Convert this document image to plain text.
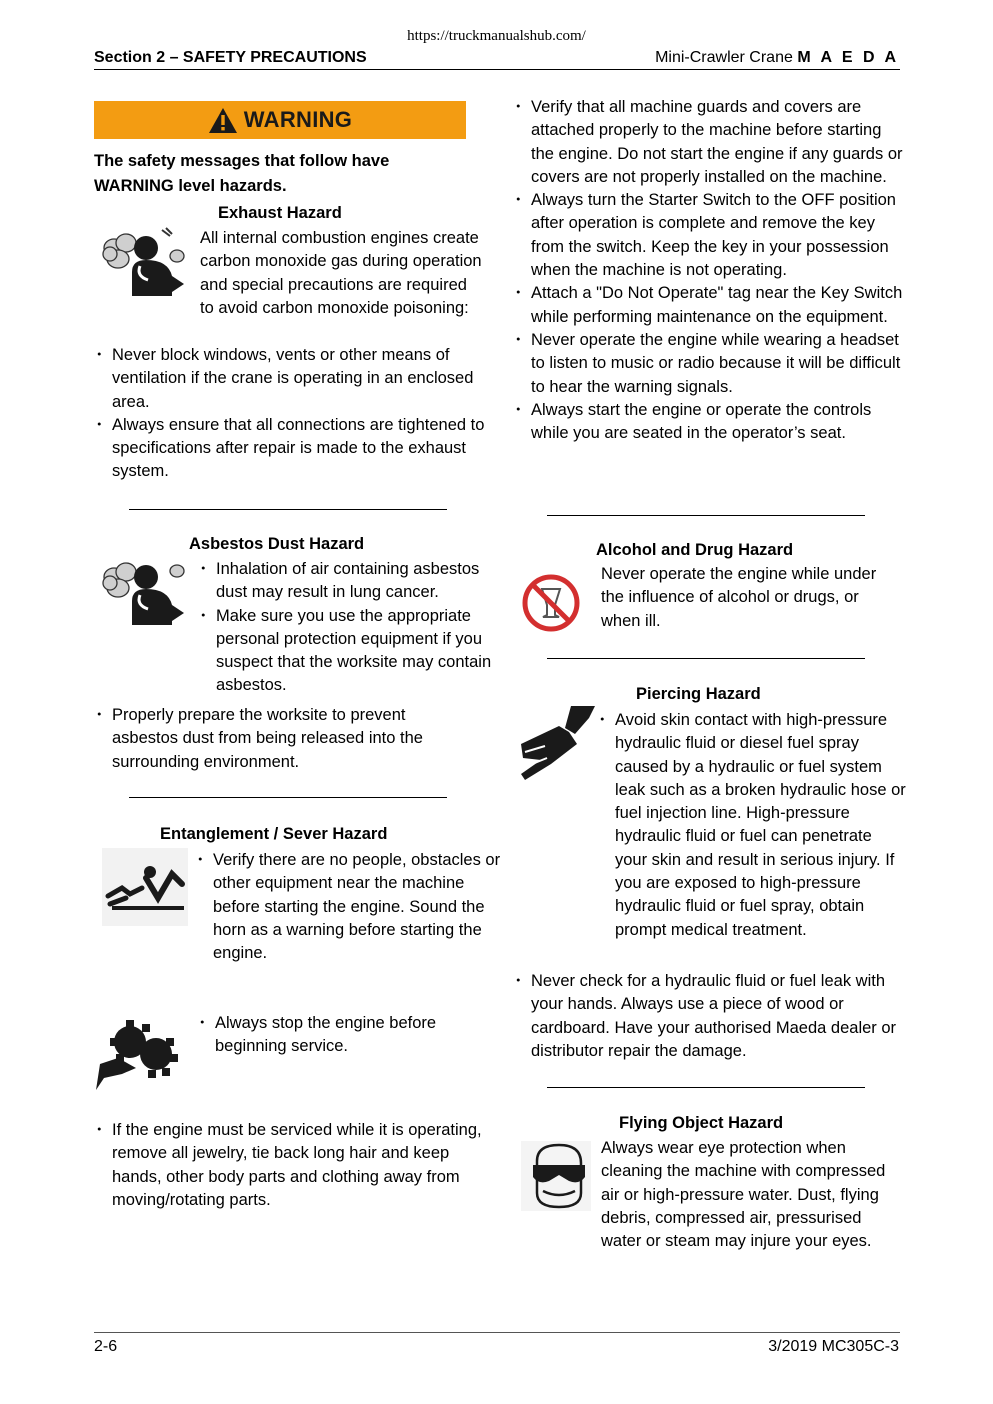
https://truckmanualshub.com/
Section 2 – SAFETY PRECAUTIONS	Mini-Crawler Crane M A E D A
WARNING
The safety messages that follow have WARNING level hazards.
Exhaust Hazard
All internal combustion engines create carbon monoxide gas during operation and special precautions are required to avoid carbon monoxide poisoning:
・ Never block windows, vents or other means of ventilation if the crane is operating in an enclosed area.
・ Always ensure that all connections are tightened to specifications after repair is made to the exhaust system.
Asbestos Dust Hazard
・ Inhalation of air containing asbestos dust may result in lung cancer.
・ Make sure you use the appropriate personal protection equipment if you suspect that the worksite may contain asbestos.
・ Properly prepare the worksite to prevent asbestos dust from being released into the surrounding environment.
Entanglement / Sever Hazard
・ Verify there are no people, obstacles or other equipment near the machine before starting the engine. Sound the horn as a warning before starting the engine.
・ Always stop the engine before beginning service.
・ If the engine must be serviced while it is operating, remove all jewelry, tie back long hair and keep hands, other body parts and clothing away from moving/rotating parts.
・ Verify that all machine guards and covers are attached properly to the machine before starting the engine. Do not start the engine if any guards or covers are not properly installed on the machine.
・ Always turn the Starter Switch to the OFF position after operation is complete and remove the key from the switch. Keep the key in your possession when the machine is not operating.
・ Attach a "Do Not Operate" tag near the Key Switch while performing maintenance on the equipment.
・ Never operate the engine while wearing a headset to listen to music or radio because it will be difficult to hear the warning signals.
・ Always start the engine or operate the controls while you are seated in the operator’s seat.
Alcohol and Drug Hazard
Never operate the engine while under the influence of alcohol or drugs, or when ill.
Piercing Hazard
・ Avoid skin contact with high-pressure hydraulic fluid or diesel fuel spray caused by a hydraulic or fuel system leak such as a broken hydraulic hose or fuel injection line. High-pressure hydraulic fluid or fuel can penetrate your skin and result in serious injury. If you are exposed to high-pressure hydraulic fluid or fuel spray, obtain prompt medical treatment.
・ Never check for a hydraulic fluid or fuel leak with your hands. Always use a piece of wood or cardboard. Have your authorised Maeda dealer or distributor repair the damage.
Flying Object Hazard
Always wear eye protection when cleaning the machine with compressed air or high-pressure water. Dust, flying debris, compressed air, pressurised water or steam may injure your eyes.
2-6	3/2019 MC305C-3
